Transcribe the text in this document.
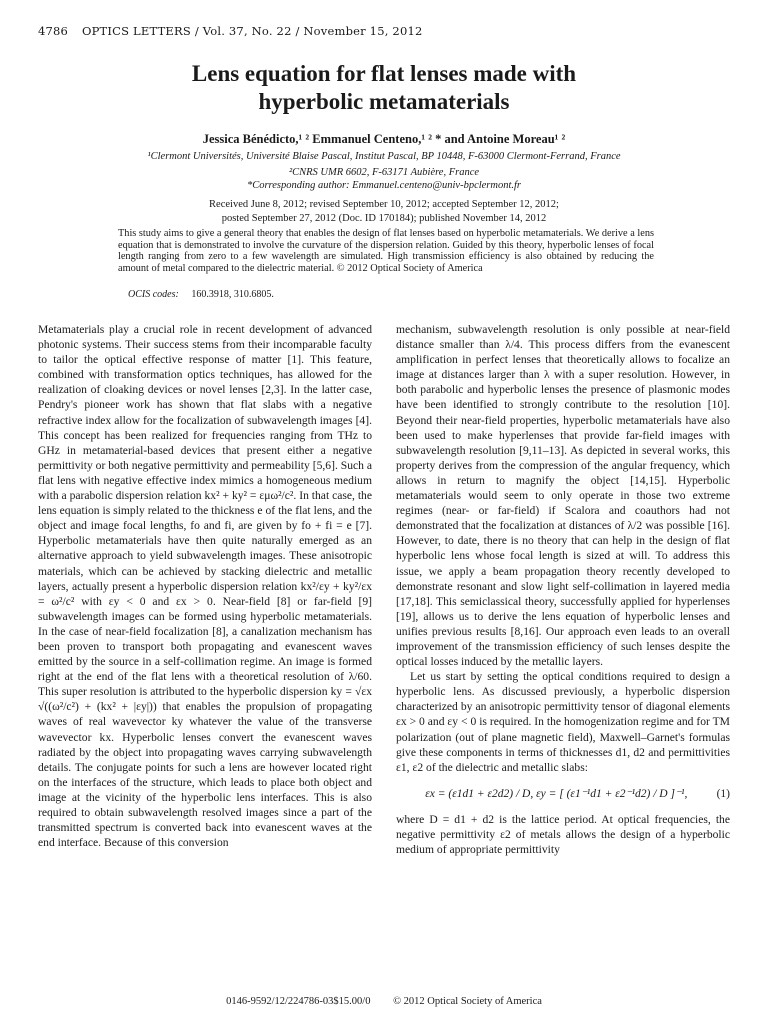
4786 OPTICS LETTERS / Vol. 37, No. 22 / November 15, 2012
Lens equation for flat lenses made with
hyperbolic metamaterials
Jessica Bénédicto,¹ ² Emmanuel Centeno,¹ ² * and Antoine Moreau¹ ²
¹Clermont Universités, Université Blaise Pascal, Institut Pascal, BP 10448, F-63000 Clermont-Ferrand, France
²CNRS UMR 6602, F-63171 Aubière, France
*Corresponding author: Emmanuel.centeno@univ-bpclermont.fr
Received June 8, 2012; revised September 10, 2012; accepted September 12, 2012;
posted September 27, 2012 (Doc. ID 170184); published November 14, 2012
This study aims to give a general theory that enables the design of flat lenses based on hyperbolic metamaterials. We derive a lens equation that is demonstrated to involve the curvature of the dispersion relation. Guided by this theory, hyperbolic lenses of focal length ranging from zero to a few wavelength are simulated. High transmission efficiency is also obtained by reducing the amount of metal compared to the dielectric material. © 2012 Optical Society of America
OCIS codes: 160.3918, 310.6805.

Metamaterials play a crucial role in recent development of advanced photonic systems. Their success stems from their incomparable faculty to tailor the optical effective response of matter [1]. This feature, combined with transformation optics techniques, has allowed for the realization of cloaking devices or novel lenses [2,3]. In the latter case, Pendry's pioneer work has shown that flat slabs with a negative refractive index allow for the focalization of subwavelength images [4]. This concept has been realized for frequencies ranging from THz to GHz in metamaterial-based devices that present either a negative permittivity or both negative permittivity and permeability [5,6]. Such a flat lens with negative effective index mimics a homogeneous medium with a parabolic dispersion relation kx² + ky² = εμω²/c². In that case, the lens equation is simply related to the thickness e of the flat lens, and the object and image focal lengths, fo and fi, are given by fo + fi = e [7]. Hyperbolic metamaterials have then quite naturally emerged as an alternative approach to yield subwavelength images. These anisotropic materials, which can be achieved by stacking dielectric and metallic layers, actually present a hyperbolic dispersion relation kx²/εy + ky²/εx = ω²/c² with εy < 0 and εx > 0. Near-field [8] or far-field [9] subwavelength images can be formed using hyperbolic metamaterials. In the case of near-field focalization [8], a canalization mechanism has been proven to transport both propagating and evanescent waves emitted by the source in a self-collimation regime. An image is formed right at the end of the flat lens with a theoretical resolution of λ/60. This super resolution is attributed to the hyperbolic dispersion ky = √εx √((ω²/c²) + (kx² + |εy|)) that enables the propulsion of propagating waves of real wavevector ky whatever the value of the transverse wavevector kx. Hyperbolic lenses convert the evanescent waves radiated by the object into propagating waves carrying subwavelength details. The conjugate points for such a lens are however located right on the interfaces of the structure, which leads to place both object and image at the vicinity of the hyperbolic lens interfaces. This is also required to obtain subwavelength resolved images since a part of the transmitted spectrum is converted back into evanescent waves at the end interface. Because of this conversion

mechanism, subwavelength resolution is only possible at near-field distance smaller than λ/4. This process differs from the evanescent amplification in perfect lenses that theoretically allows to focalize an image at distances larger than λ with a super resolution. However, in both parabolic and hyperbolic lenses the presence of plasmonic modes have been identified to strongly contribute to the resolution [10]. Beyond their near-field properties, hyperbolic metamaterials have also been used to make hyperlenses that provide far-field images with subwavelength resolution [9,11–13]. As depicted in several works, this property derives from the compression of the angular frequency, which allows in return to magnify the object [14,15]. Hyperbolic metamaterials would seem to only operate in those two extreme regimes (near- or far-field) if Scalora and coauthors had not demonstrated that the focalization at distances of λ/2 was possible [16]. However, to date, there is no theory that can help in the design of flat hyperbolic lens whose focal length is sized at will. To address this issue, we apply a beam propagation theory recently developed to demonstrate resonant and slow light self-collimation in layered media [17,18]. This semiclassical theory, successfully applied for hyperlenses [19], allows us to derive the lens equation of hyperbolic lenses and unifies previous results [8,16]. Our approach even leads to an overall improvement of the transmission efficiency of such lenses despite the optical losses induced by the metallic layers.

Let us start by setting the optical conditions required to design a hyperbolic lens. As discussed previously, a hyperbolic dispersion characterized by an anisotropic permittivity tensor of diagonal elements εx > 0 and εy < 0 is required. In the homogenization regime and for TM polarization (out of plane magnetic field), Maxwell–Garnet's formulas give these components in terms of thicknesses d1, d2 and permittivities ε1, ε2 of the dielectric and metallic slabs:

εx = (ε1d1 + ε2d2) / D, εy = [ (ε1⁻¹d1 + ε2⁻¹d2) / D ]⁻¹,	(1)

where D = d1 + d2 is the lattice period. At optical frequencies, the negative permittivity ε2 of metals allows the design of a hyperbolic medium of appropriate permittivity

0146-9592/12/224786-03$15.00/0 © 2012 Optical Society of America
